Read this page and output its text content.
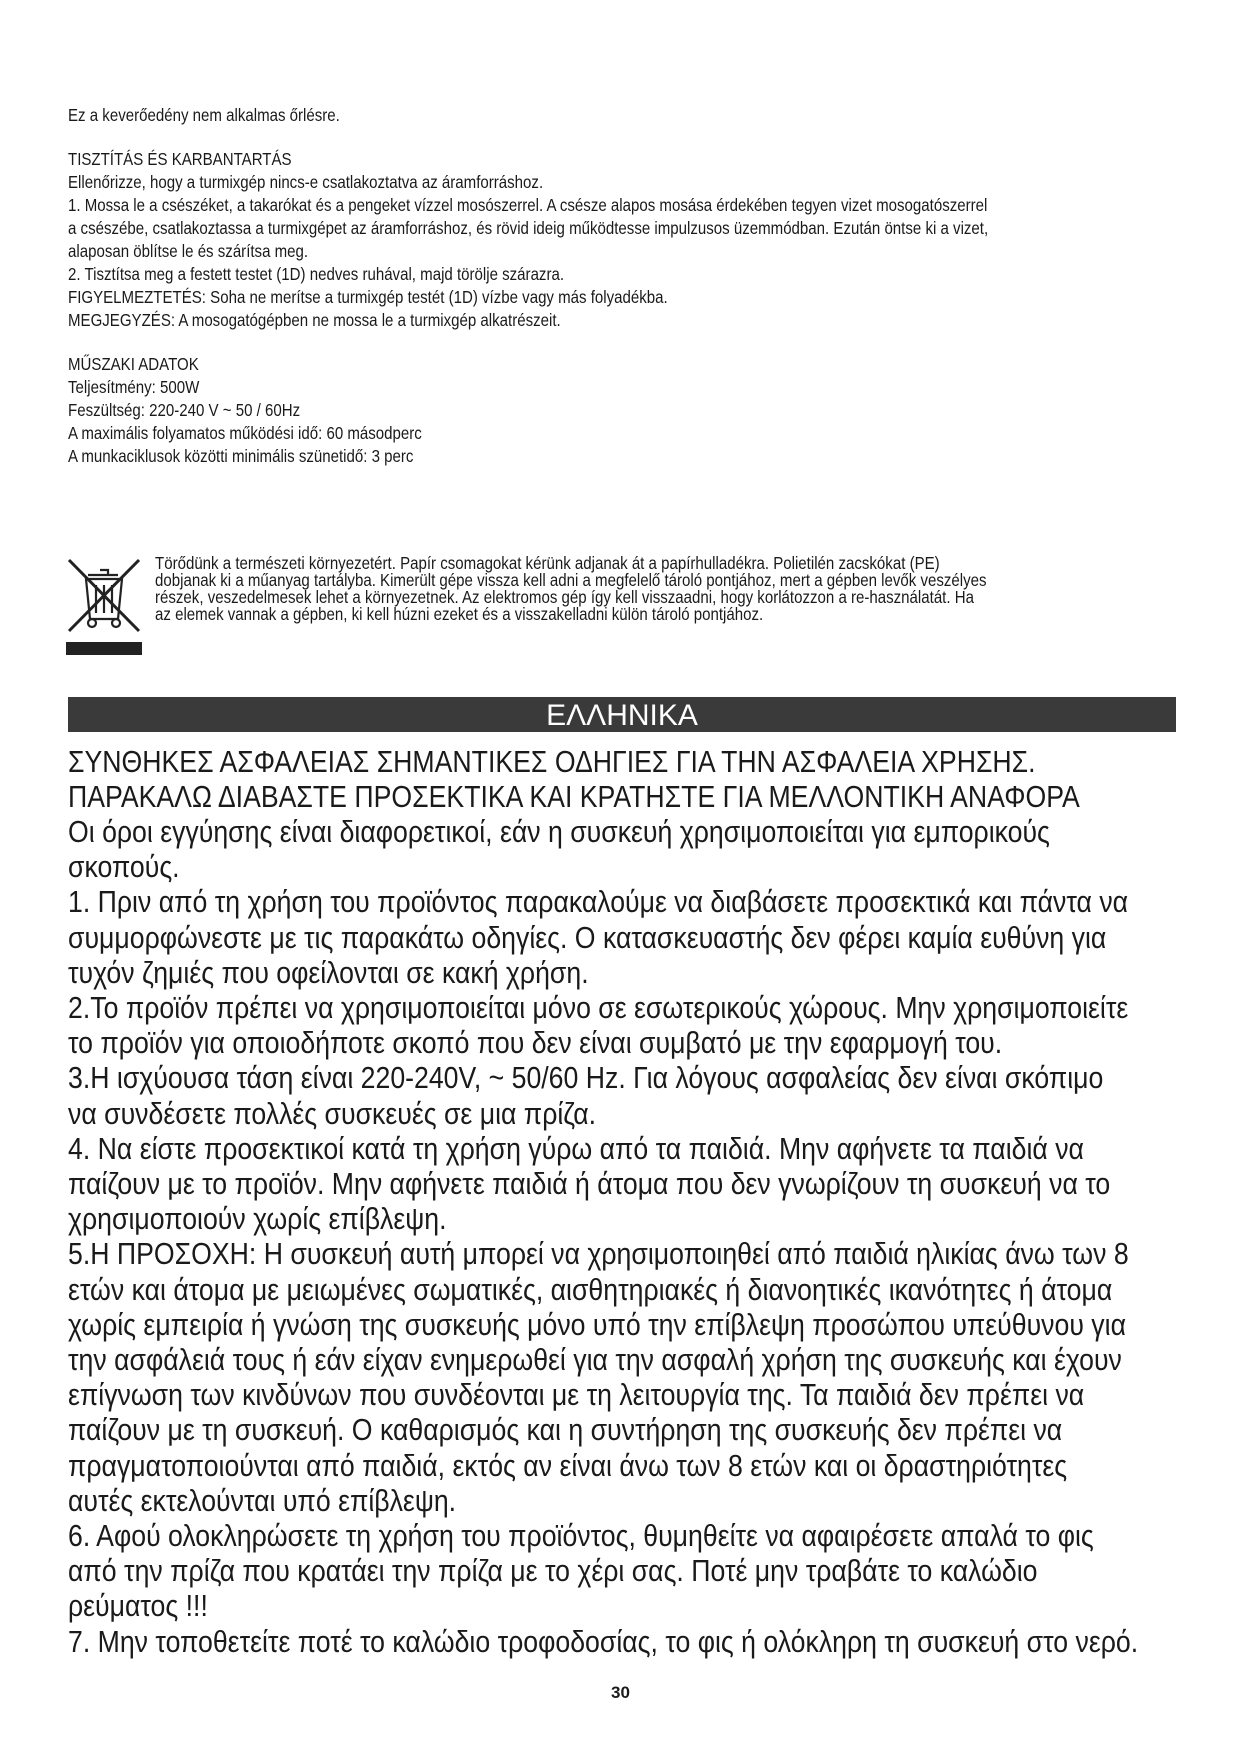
Ez a keverőedény nem alkalmas őrlésre.

TISZTÍTÁS ÉS KARBANTARTÁS

Ellenőrizze, hogy a turmixgép nincs-e csatlakoztatva az áramforráshoz.

1. Mossa le a csészéket, a takarókat és a pengeket vízzel mosószerrel. A csésze alapos mosása érdekében tegyen vizet mosogatószerrel

a csészébe, csatlakoztassa a turmixgépet az áramforráshoz, és rövid ideig működtesse impulzusos üzemmódban. Ezután öntse ki a vizet,

alaposan öblítse le és szárítsa meg.

2. Tisztítsa meg a festett testet (1D) nedves ruhával, majd törölje szárazra.

FIGYELMEZTETÉS: Soha ne merítse a turmixgép testét (1D) vízbe vagy más folyadékba.

MEGJEGYZÉS: A mosogatógépben ne mossa le a turmixgép alkatrészeit.

MŰSZAKI ADATOK

Teljesítmény: 500W

Feszültség: 220-240 V ~ 50 / 60Hz

A maximális folyamatos működési idő: 60 másodperc

A munkaciklusok közötti minimális szünetidő: 3 perc

Törődünk a természeti környezetért. Papír csomagokat kérünk adjanak át a papírhulladékra. Polietilén zacskókat (PE)

dobjanak ki a műanyag tartályba. Kimerült gépe vissza kell adni a megfelelő tároló pontjához, mert a gépben levők veszélyes

részek, veszedelmesek lehet a környezetnek. Az elektromos gép így kell visszaadni, hogy korlátozzon a re-használatát. Ha

az elemek vannak a gépben, ki kell húzni ezeket és a visszakelladni külön tároló pontjához.

ΕΛΛΗΝΙΚΑ

ΣΥΝΘΗΚΕΣ ΑΣΦΑΛΕΙΑΣ ΣΗΜΑΝΤΙΚΕΣ ΟΔΗΓΙΕΣ ΓΙΑ ΤΗΝ ΑΣΦΑΛΕΙΑ ΧΡΗΣΗΣ.

ΠΑΡΑΚΑΛΩ ΔΙΑΒΑΣΤΕ ΠΡΟΣΕΚΤΙΚΑ ΚΑΙ ΚΡΑΤΗΣΤΕ ΓΙΑ ΜΕΛΛΟΝΤΙΚΗ ΑΝΑΦΟΡΑ

Οι όροι εγγύησης είναι διαφορετικοί, εάν η συσκευή χρησιμοποιείται για εμπορικούς

σκοπούς.

1. Πριν από τη χρήση του προϊόντος παρακαλούμε να διαβάσετε προσεκτικά και πάντα να

συμμορφώνεστε με τις παρακάτω οδηγίες. Ο κατασκευαστής δεν φέρει καμία ευθύνη για

τυχόν ζημιές που οφείλονται σε κακή χρήση.

2.Το προϊόν πρέπει να χρησιμοποιείται μόνο σε εσωτερικούς χώρους. Μην χρησιμοποιείτε

το προϊόν για οποιοδήποτε σκοπό που δεν είναι συμβατό με την εφαρμογή του.

3.Η ισχύουσα τάση είναι 220-240V, ~ 50/60 Hz. Για λόγους ασφαλείας δεν είναι σκόπιμο

να συνδέσετε πολλές συσκευές σε μια πρίζα.

4. Να είστε προσεκτικοί κατά τη χρήση γύρω από τα παιδιά. Μην αφήνετε τα παιδιά να

παίζουν με το προϊόν. Μην αφήνετε παιδιά ή άτομα που δεν γνωρίζουν τη συσκευή να το

χρησιμοποιούν χωρίς επίβλεψη.

5.Η ΠΡΟΣΟΧΗ: Η συσκευή αυτή μπορεί να χρησιμοποιηθεί από παιδιά ηλικίας άνω των 8

ετών και άτομα με μειωμένες σωματικές, αισθητηριακές ή διανοητικές ικανότητες ή άτομα

χωρίς εμπειρία ή γνώση της συσκευής μόνο υπό την επίβλεψη προσώπου υπεύθυνου για

την ασφάλειά τους ή εάν είχαν ενημερωθεί για την ασφαλή χρήση της συσκευής και έχουν

επίγνωση των κινδύνων που συνδέονται με τη λειτουργία της. Τα παιδιά δεν πρέπει να

παίζουν με τη συσκευή. Ο καθαρισμός και η συντήρηση της συσκευής δεν πρέπει να

πραγματοποιούνται από παιδιά, εκτός αν είναι άνω των 8 ετών και οι δραστηριότητες

αυτές εκτελούνται υπό επίβλεψη.

6. Αφού ολοκληρώσετε τη χρήση του προϊόντος, θυμηθείτε να αφαιρέσετε απαλά το φις

από την πρίζα που κρατάει την πρίζα με το χέρι σας. Ποτέ μην τραβάτε το καλώδιο

ρεύματος !!!

7. Μην τοποθετείτε ποτέ το καλώδιο τροφοδοσίας, το φις ή ολόκληρη τη συσκευή στο νερό.

30
